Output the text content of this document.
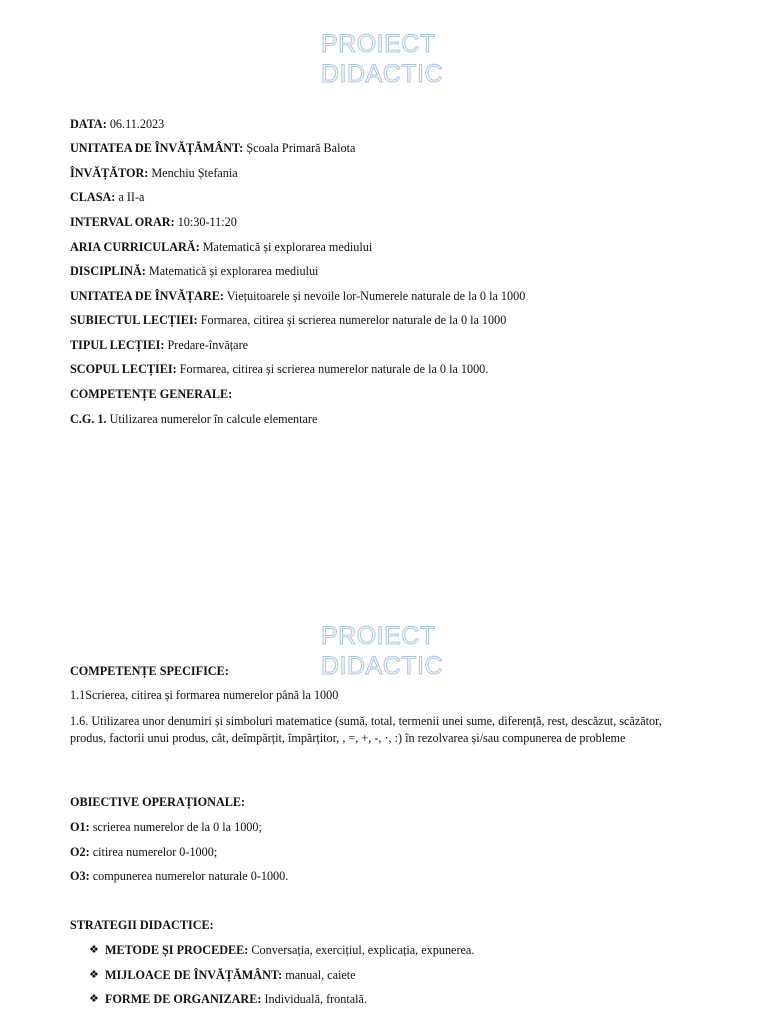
PROIECT DIDACTIC
PROIECT DIDACTIC
DATA: 06.11.2023
UNITATEA DE ÎNVĂȚĂMÂNT: Școala Primară Balota
ÎNVĂȚĂTOR: Menchiu Ștefania
CLASA: a II-a
INTERVAL ORAR: 10:30-11:20
ARIA CURRICULARĂ: Matematică și explorarea mediului
DISCIPLINĂ: Matematică și explorarea mediului
UNITATEA DE ÎNVĂȚARE: Viețuitoarele și nevoile lor-Numerele naturale de la 0 la 1000
SUBIECTUL LECȚIEI: Formarea, citirea și scrierea numerelor naturale de la 0 la 1000
TIPUL LECȚIEI: Predare-învățare
SCOPUL LECȚIEI: Formarea, citirea și scrierea numerelor naturale de la 0 la 1000.
COMPETENȚE GENERALE:
C.G. 1. Utilizarea numerelor în calcule elementare
COMPETENȚE SPECIFICE:
1.1Scrierea, citirea și formarea numerelor până la 1000
1.6. Utilizarea unor denumiri și simboluri matematice (sumă, total, termenii unei sume, diferență, rest, descăzut, scăzător, produs, factorii unui produs, cât, deîmpărțit, împărțitor, , =, +, -, ·, :) în rezolvarea și/sau compunerea de probleme
OBIECTIVE OPERAȚIONALE:
O1: scrierea numerelor de la 0 la 1000;
O2: citirea numerelor 0-1000;
O3: compunerea numerelor naturale 0-1000.
STRATEGII DIDACTICE:
❖ METODE ȘI PROCEDEE: Conversația, exercițiul, explicația, expunerea.
❖ MIJLOACE DE ÎNVĂȚĂMÂNT: manual, caiete
❖ FORME DE ORGANIZARE: Individuală, frontală.
